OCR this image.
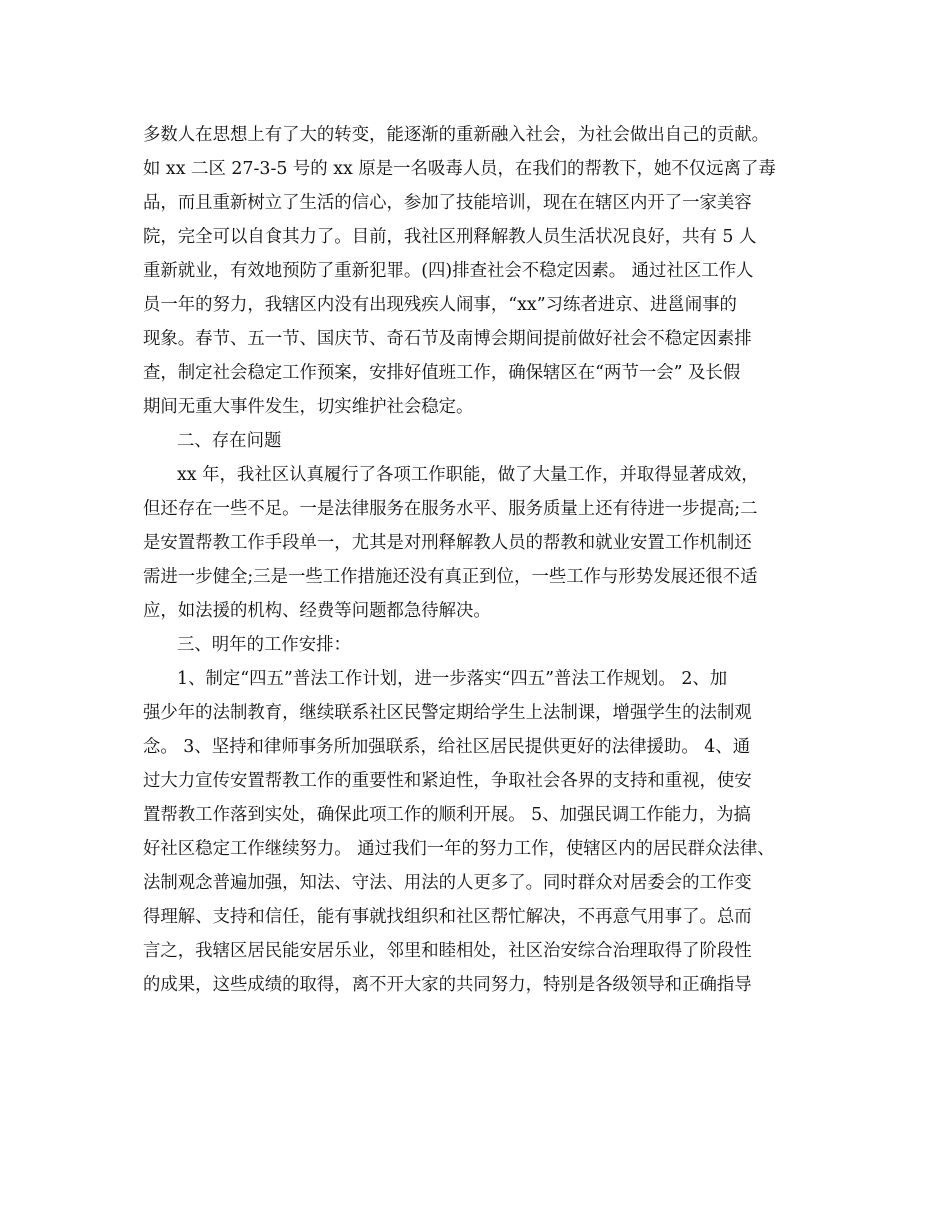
多数人在思想上有了大的转变，能逐渐的重新融入社会，为社会做出自己的贡献。
如 xx 二区 27-3-5 号的 xx 原是一名吸毒人员，在我们的帮教下，她不仅远离了毒
品，而且重新树立了生活的信心，参加了技能培训，现在在辖区内开了一家美容
院，完全可以自食其力了。目前，我社区刑释解教人员生活状况良好，共有 5 人
重新就业，有效地预防了重新犯罪。(四)排查社会不稳定因素。 通过社区工作人
员一年的努力，我辖区内没有出现残疾人闹事，“xx”习练者进京、进邕闹事的
现象。春节、五一节、国庆节、奇石节及南博会期间提前做好社会不稳定因素排
查，制定社会稳定工作预案，安排好值班工作，确保辖区在“两节一会” 及长假
期间无重大事件发生，切实维护社会稳定。
二、存在问题
xx 年，我社区认真履行了各项工作职能，做了大量工作，并取得显著成效，
但还存在一些不足。一是法律服务在服务水平、服务质量上还有待进一步提高;二
是安置帮教工作手段单一，尤其是对刑释解教人员的帮教和就业安置工作机制还
需进一步健全;三是一些工作措施还没有真正到位，一些工作与形势发展还很不适
应，如法援的机构、经费等问题都急待解决。
三、明年的工作安排：
1、制定“四五”普法工作计划，进一步落实“四五”普法工作规划。 2、加
强少年的法制教育，继续联系社区民警定期给学生上法制课，增强学生的法制观
念。 3、坚持和律师事务所加强联系，给社区居民提供更好的法律援助。 4、通
过大力宣传安置帮教工作的重要性和紧迫性，争取社会各界的支持和重视，使安
置帮教工作落到实处，确保此项工作的顺利开展。 5、加强民调工作能力，为搞
好社区稳定工作继续努力。 通过我们一年的努力工作，使辖区内的居民群众法律、
法制观念普遍加强，知法、守法、用法的人更多了。同时群众对居委会的工作变
得理解、支持和信任，能有事就找组织和社区帮忙解决，不再意气用事了。总而
言之，我辖区居民能安居乐业，邻里和睦相处，社区治安综合治理取得了阶段性
的成果，这些成绩的取得，离不开大家的共同努力，特别是各级领导和正确指导
